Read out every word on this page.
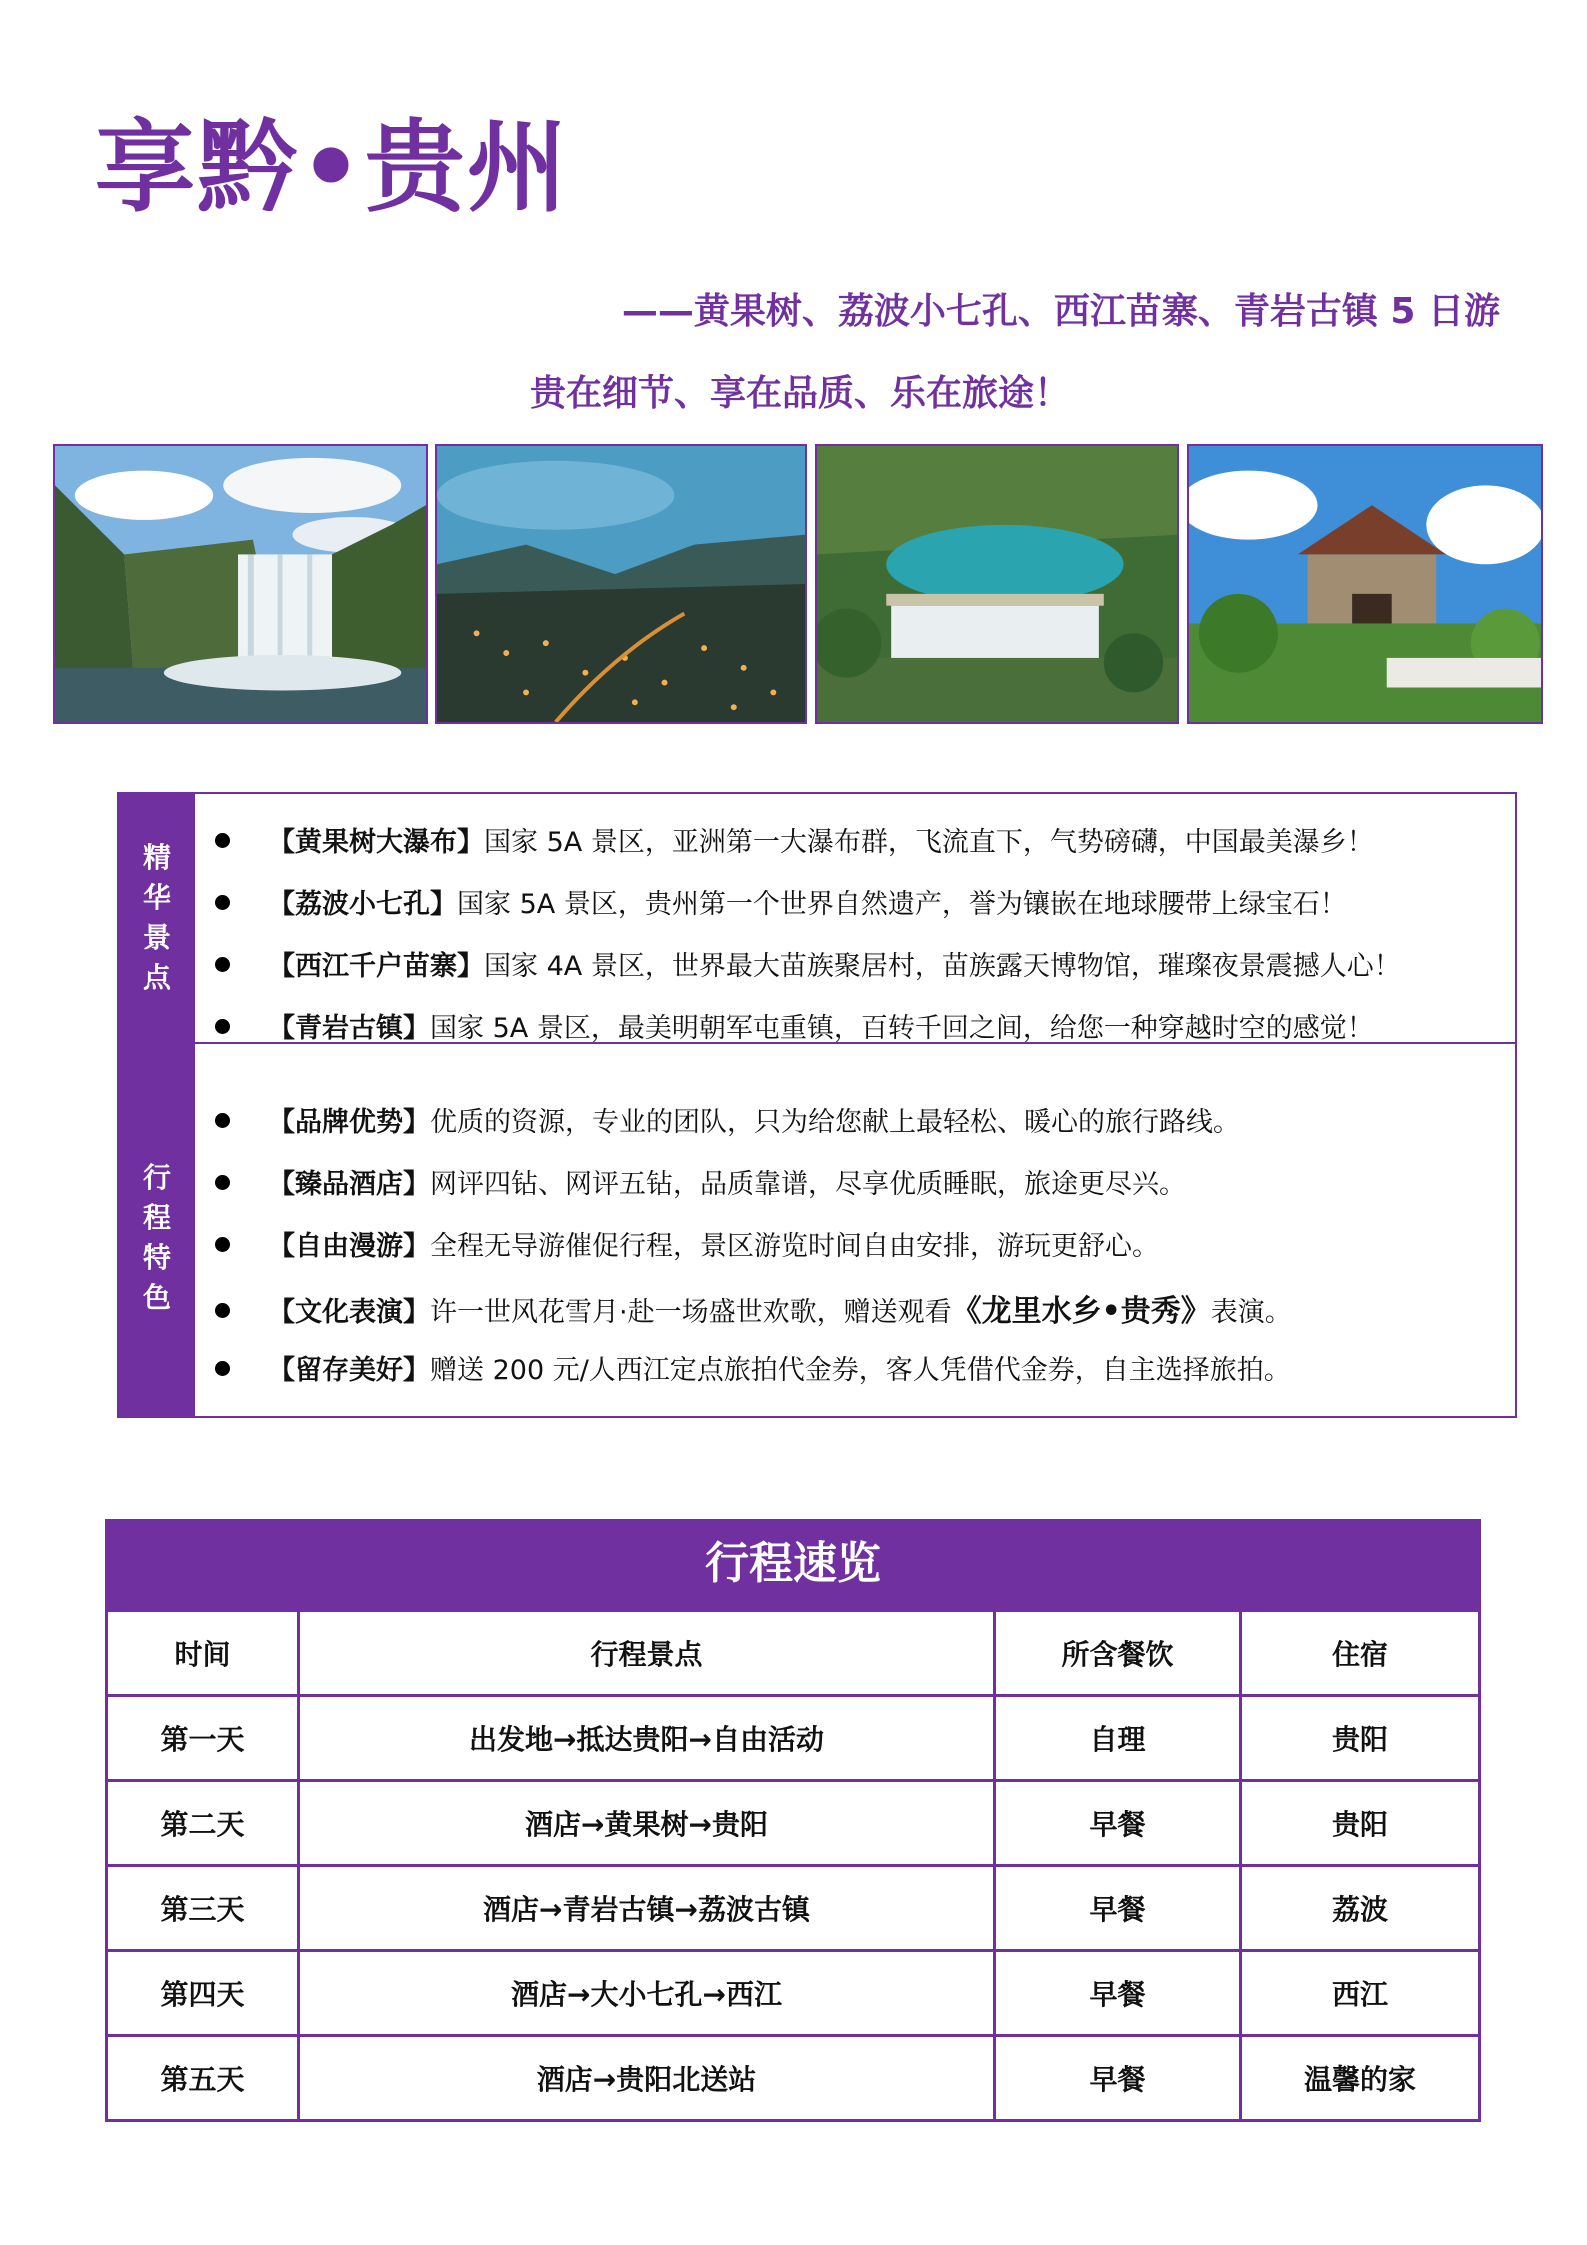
享黔•贵州
——黄果树、荔波小七孔、西江苗寨、青岩古镇 5 日游
贵在细节、享在品质、乐在旅途！
精
华
景
点
行
程
特
色
【黄果树大瀑布】国家 5A 景区，亚洲第一大瀑布群，飞流直下，气势磅礴，中国最美瀑乡！
【荔波小七孔】国家 5A 景区，贵州第一个世界自然遗产，誉为镶嵌在地球腰带上绿宝石！
【西江千户苗寨】国家 4A 景区，世界最大苗族聚居村，苗族露天博物馆，璀璨夜景震撼人心！
【青岩古镇】国家 5A 景区，最美明朝军屯重镇，百转千回之间，给您一种穿越时空的感觉！
【品牌优势】优质的资源，专业的团队，只为给您献上最轻松、暖心的旅行路线。
【臻品酒店】网评四钻、网评五钻，品质靠谱，尽享优质睡眠，旅途更尽兴。
【自由漫游】全程无导游催促行程，景区游览时间自由安排，游玩更舒心。
【文化表演】许一世风花雪月·赴一场盛世欢歌，赠送观看《龙里水乡•贵秀》表演。
【留存美好】赠送 200 元/人西江定点旅拍代金券，客人凭借代金券，自主选择旅拍。
行程速览
时间	行程景点	所含餐饮	住宿
第一天	出发地→抵达贵阳→自由活动	自理	贵阳
第二天	酒店→黄果树→贵阳	早餐	贵阳
第三天	酒店→青岩古镇→荔波古镇	早餐	荔波
第四天	酒店→大小七孔→西江	早餐	西江
第五天	酒店→贵阳北送站	早餐	温馨的家
